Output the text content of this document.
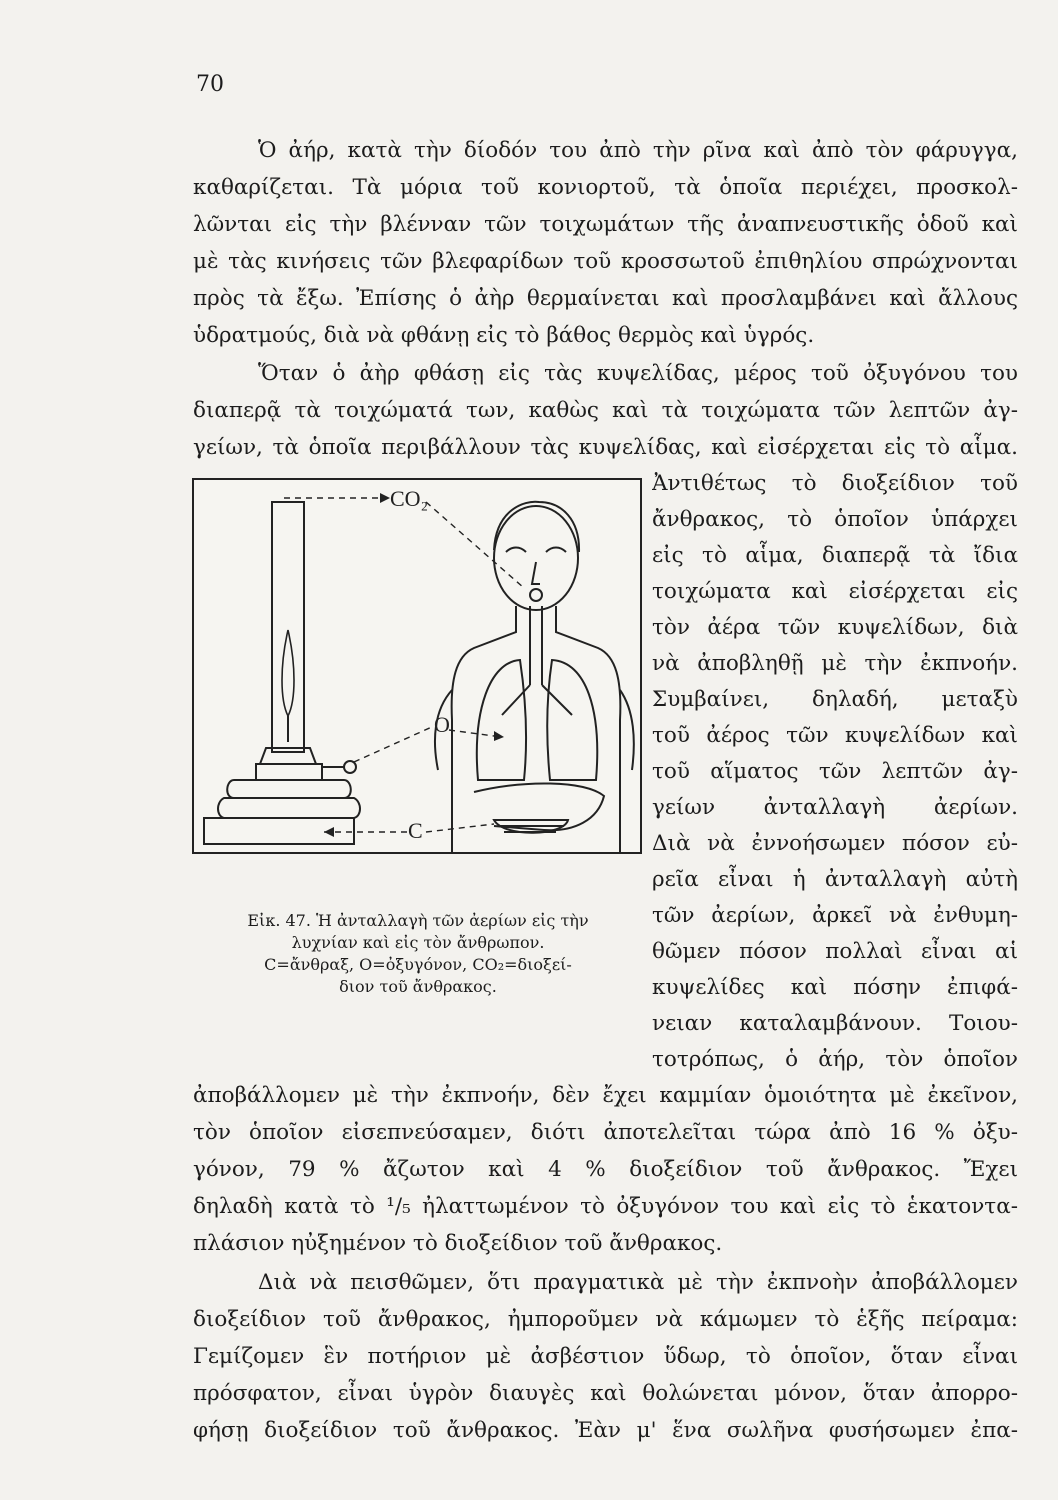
70
Ὁ ἀήρ, κατὰ τὴν δίοδόν του ἀπὸ τὴν ρῖνα καὶ ἀπὸ τὸν φάρυγγα,
καθαρίζεται. Τὰ μόρια τοῦ κονιορτοῦ, τὰ ὁποῖα περιέχει, προσκολ-
λῶνται εἰς τὴν βλένναν τῶν τοιχωμάτων τῆς ἀναπνευστικῆς ὁδοῦ καὶ
μὲ τὰς κινήσεις τῶν βλεφαρίδων τοῦ κροσσωτοῦ ἐπιθηλίου σπρώχνονται
πρὸς τὰ ἔξω. Ἐπίσης ὁ ἀὴρ θερμαίνεται καὶ προσλαμβάνει καὶ ἄλλους
ὑδρατμούς, διὰ νὰ φθάνῃ εἰς τὸ βάθος θερμὸς καὶ ὑγρός.
Ὅταν ὁ ἀὴρ φθάσῃ εἰς τὰς κυψελίδας, μέρος τοῦ ὀξυγόνου του
διαπερᾷ τὰ τοιχώματά των, καθὼς καὶ τὰ τοιχώματα τῶν λεπτῶν ἀγ-
γείων, τὰ ὁποῖα περιβάλλουν τὰς κυψελίδας, καὶ εἰσέρχεται εἰς τὸ αἷμα.
Ἀντιθέτως τὸ διοξείδιον τοῦ
ἄνθρακος, τὸ ὁποῖον ὑπάρχει
εἰς τὸ αἷμα, διαπερᾷ τὰ ἴδια
τοιχώματα καὶ εἰσέρχεται εἰς
τὸν ἀέρα τῶν κυψελίδων, διὰ
νὰ ἀποβληθῇ μὲ τὴν ἐκπνοήν.
Συμβαίνει, δηλαδή, μεταξὺ
τοῦ ἀέρος τῶν κυψελίδων καὶ
τοῦ αἵματος τῶν λεπτῶν ἀγ-
γείων ἀνταλλαγὴ ἀερίων.
Διὰ νὰ ἐννοήσωμεν πόσον εὐ-
ρεῖα εἶναι ἡ ἀνταλλαγὴ αὐτὴ
τῶν ἀερίων, ἀρκεῖ νὰ ἐνθυμη-
θῶμεν πόσον πολλαὶ εἶναι αἱ
κυψελίδες καὶ πόσην ἐπιφά-
νειαν καταλαμβάνουν. Τοιου-
τοτρόπως, ὁ ἀήρ, τὸν ὁποῖον
CO₂
O
C
Εἰκ. 47. Ἡ ἀνταλλαγὴ τῶν ἀερίων εἰς τὴν
λυχνίαν καὶ εἰς τὸν ἄνθρωπον.
C=ἄνθραξ, O=ὀξυγόνον, CO₂=διοξεί-
διον τοῦ ἄνθρακος.
ἀποβάλλομεν μὲ τὴν ἐκπνοήν, δὲν ἔχει καμμίαν ὁμοιότητα μὲ ἐκεῖνον,
τὸν ὁποῖον εἰσεπνεύσαμεν, διότι ἀποτελεῖται τώρα ἀπὸ 16 % ὀξυ-
γόνον, 79 % ἄζωτον καὶ 4 % διοξείδιον τοῦ ἄνθρακος. Ἔχει
δηλαδὴ κατὰ τὸ ¹/₅ ἠλαττωμένον τὸ ὀξυγόνον του καὶ εἰς τὸ ἑκατοντα-
πλάσιον ηὐξημένον τὸ διοξείδιον τοῦ ἄνθρακος.
Διὰ νὰ πεισθῶμεν, ὅτι πραγματικὰ μὲ τὴν ἐκπνοὴν ἀποβάλλομεν
διοξείδιον τοῦ ἄνθρακος, ἠμποροῦμεν νὰ κάμωμεν τὸ ἑξῆς πείραμα:
Γεμίζομεν ἓν ποτήριον μὲ ἀσβέστιον ὕδωρ, τὸ ὁποῖον, ὅταν εἶναι
πρόσφατον, εἶναι ὑγρὸν διαυγὲς καὶ θολώνεται μόνον, ὅταν ἀπορρο-
φήσῃ διοξείδιον τοῦ ἄνθρακος. Ἐὰν μ' ἕνα σωλῆνα φυσήσωμεν ἐπα-
